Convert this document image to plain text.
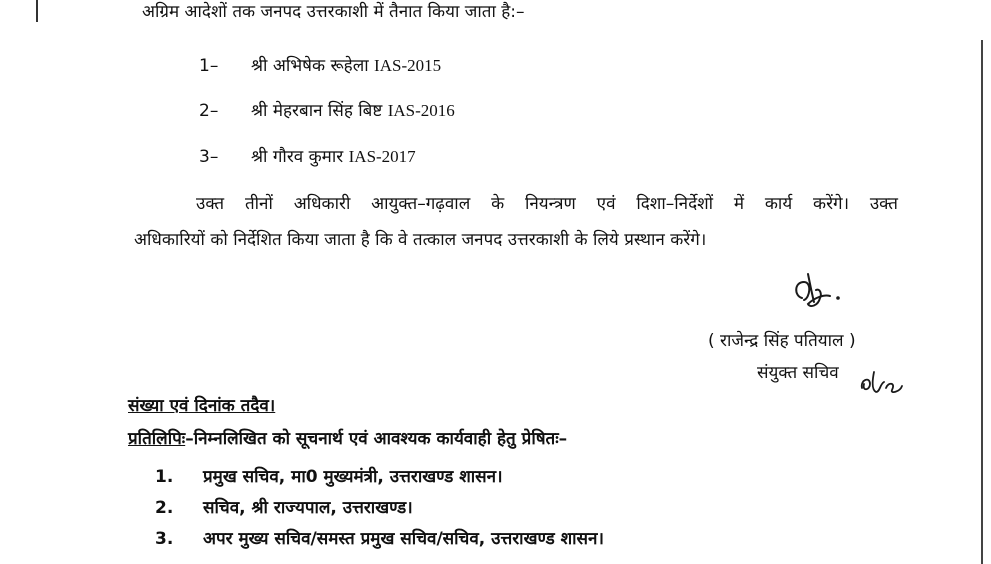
अग्रिम आदेशों तक जनपद उत्तरकाशी में तैनात किया जाता है:–
1– श्री अभिषेक रूहेला IAS-2015
2– श्री मेहरबान सिंह बिष्ट IAS-2016
3– श्री गौरव कुमार IAS-2017
उक्त तीनों अधिकारी आयुक्त–गढ़वाल के नियन्त्रण एवं दिशा–निर्देशों में कार्य करेंगे। उक्त
अधिकारियों को निर्देशित किया जाता है कि वे तत्काल जनपद उत्तरकाशी के लिये प्रस्थान करेंगे।
( राजेन्द्र सिंह पतियाल )
संयुक्त सचिव
संख्या एवं दिनांक तदैव।
प्रतिलिपिः–निम्नलिखित को सूचनार्थ एवं आवश्यक कार्यवाही हेतु प्रेषितः–
1. प्रमुख सचिव, मा0 मुख्यमंत्री, उत्तराखण्ड शासन।
2. सचिव, श्री राज्यपाल, उत्तराखण्ड।
3. अपर मुख्य सचिव/समस्त प्रमुख सचिव/सचिव, उत्तराखण्ड शासन।
